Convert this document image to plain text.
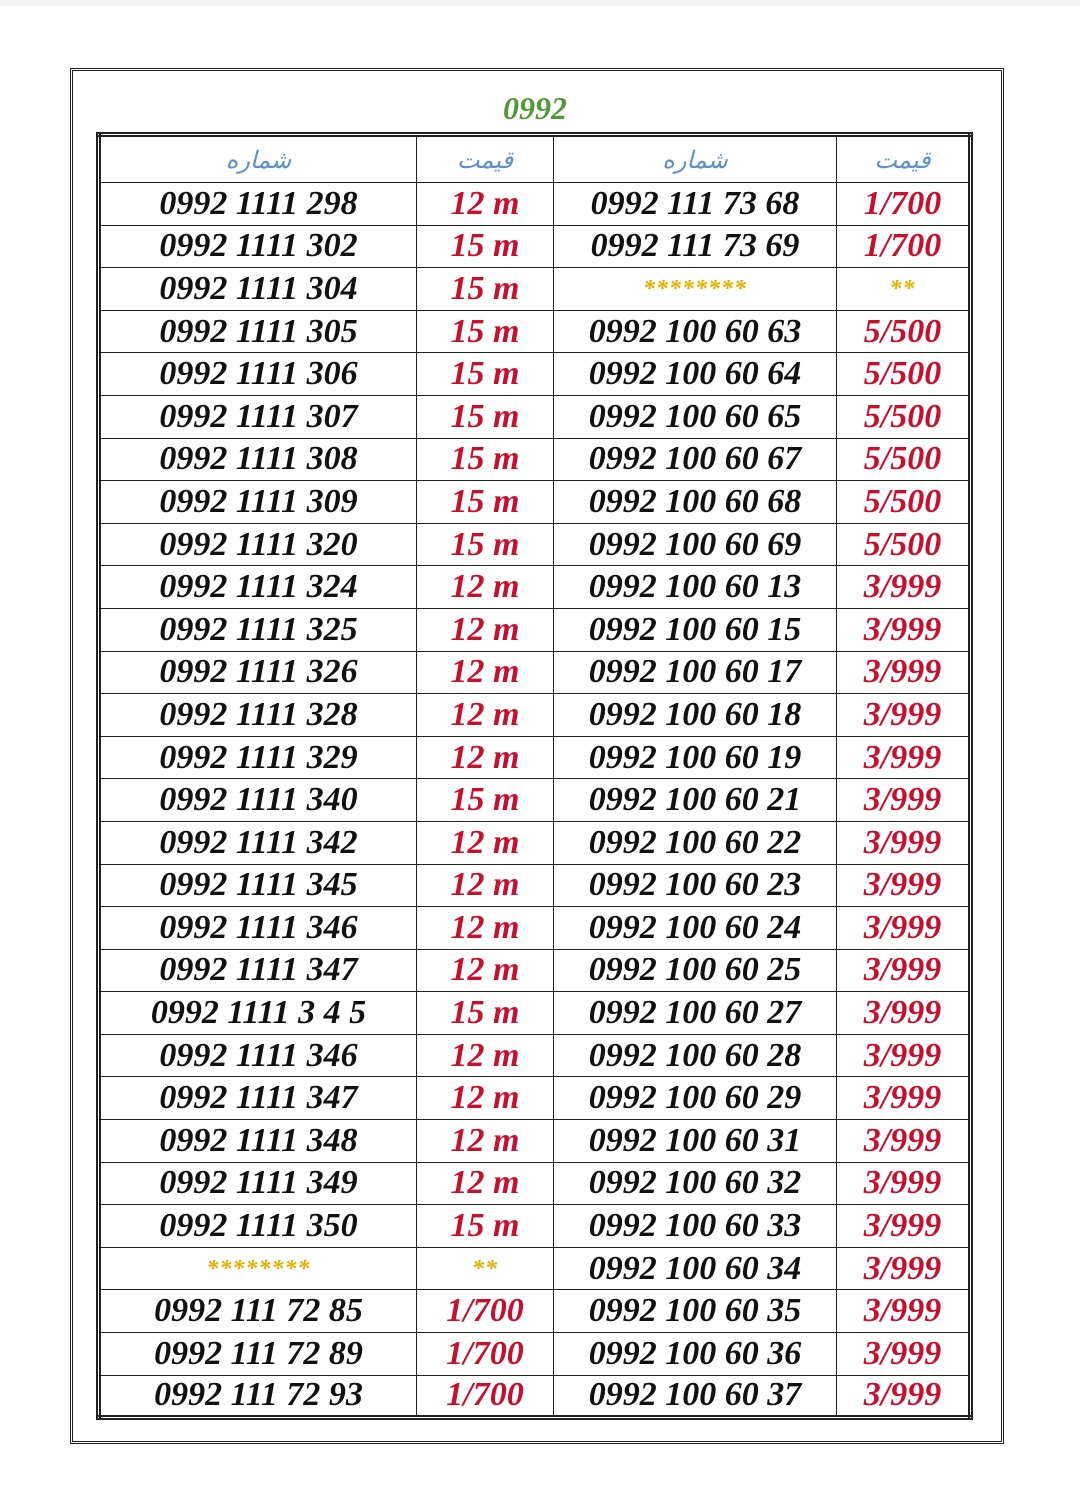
0992
شماره	قیمت	شماره	قیمت
0992 1111 298	12 m	0992 111 73 68	1/700
0992 1111 302	15 m	0992 111 73 69	1/700
0992 1111 304	15 m	********	**
0992 1111 305	15 m	0992 100 60 63	5/500
0992 1111 306	15 m	0992 100 60 64	5/500
0992 1111 307	15 m	0992 100 60 65	5/500
0992 1111 308	15 m	0992 100 60 67	5/500
0992 1111 309	15 m	0992 100 60 68	5/500
0992 1111 320	15 m	0992 100 60 69	5/500
0992 1111 324	12 m	0992 100 60 13	3/999
0992 1111 325	12 m	0992 100 60 15	3/999
0992 1111 326	12 m	0992 100 60 17	3/999
0992 1111 328	12 m	0992 100 60 18	3/999
0992 1111 329	12 m	0992 100 60 19	3/999
0992 1111 340	15 m	0992 100 60 21	3/999
0992 1111 342	12 m	0992 100 60 22	3/999
0992 1111 345	12 m	0992 100 60 23	3/999
0992 1111 346	12 m	0992 100 60 24	3/999
0992 1111 347	12 m	0992 100 60 25	3/999
0992 1111 3 4 5	15 m	0992 100 60 27	3/999
0992 1111 346	12 m	0992 100 60 28	3/999
0992 1111 347	12 m	0992 100 60 29	3/999
0992 1111 348	12 m	0992 100 60 31	3/999
0992 1111 349	12 m	0992 100 60 32	3/999
0992 1111 350	15 m	0992 100 60 33	3/999
********	**	0992 100 60 34	3/999
0992 111 72 85	1/700	0992 100 60 35	3/999
0992 111 72 89	1/700	0992 100 60 36	3/999
0992 111 72 93	1/700	0992 100 60 37	3/999
